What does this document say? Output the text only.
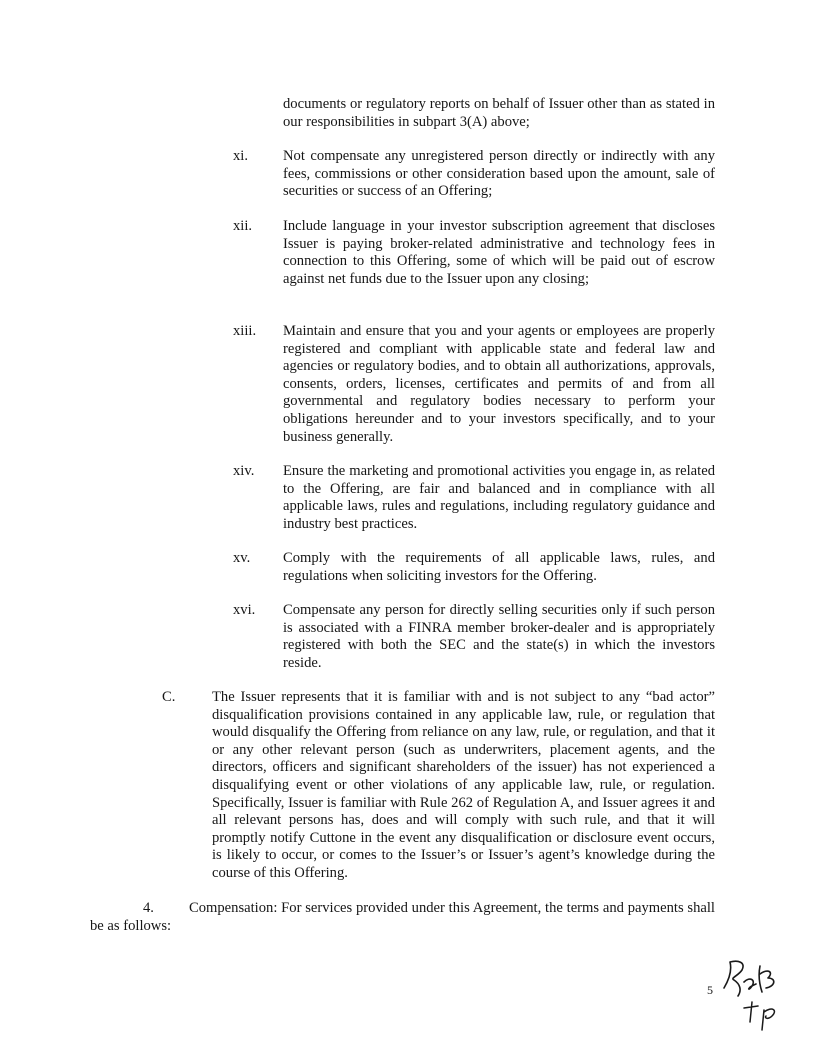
documents or regulatory reports on behalf of Issuer other than as stated in our responsibilities in subpart 3(A) above;
xi. Not compensate any unregistered person directly or indirectly with any fees, commissions or other consideration based upon the amount, sale of securities or success of an Offering;
xii. Include language in your investor subscription agreement that discloses Issuer is paying broker-related administrative and technology fees in connection to this Offering, some of which will be paid out of escrow against net funds due to the Issuer upon any closing;
xiii. Maintain and ensure that you and your agents or employees are properly registered and compliant with applicable state and federal law and agencies or regulatory bodies, and to obtain all authorizations, approvals, consents, orders, licenses, certificates and permits of and from all governmental and regulatory bodies necessary to perform your obligations hereunder and to your investors specifically, and to your business generally.
xiv. Ensure the marketing and promotional activities you engage in, as related to the Offering, are fair and balanced and in compliance with all applicable laws, rules and regulations, including regulatory guidance and industry best practices.
xv. Comply with the requirements of all applicable laws, rules, and regulations when soliciting investors for the Offering.
xvi. Compensate any person for directly selling securities only if such person is associated with a FINRA member broker-dealer and is appropriately registered with both the SEC and the state(s) in which the investors reside.
C.	The Issuer represents that it is familiar with and is not subject to any “bad actor” disqualification provisions contained in any applicable law, rule, or regulation that would disqualify the Offering from reliance on any law, rule, or regulation, and that it or any other relevant person (such as underwriters, placement agents, and the directors, officers and significant shareholders of the issuer) has not experienced a disqualifying event or other violations of any applicable law, rule, or regulation. Specifically, Issuer is familiar with Rule 262 of Regulation A, and Issuer agrees it and all relevant persons has, does and will comply with such rule, and that it will promptly notify Cuttone in the event any disqualification or disclosure event occurs, is likely to occur, or comes to the Issuer’s or Issuer’s agent’s knowledge during the course of this Offering.
4. Compensation: For services provided under this Agreement, the terms and payments shall be as follows:
5
